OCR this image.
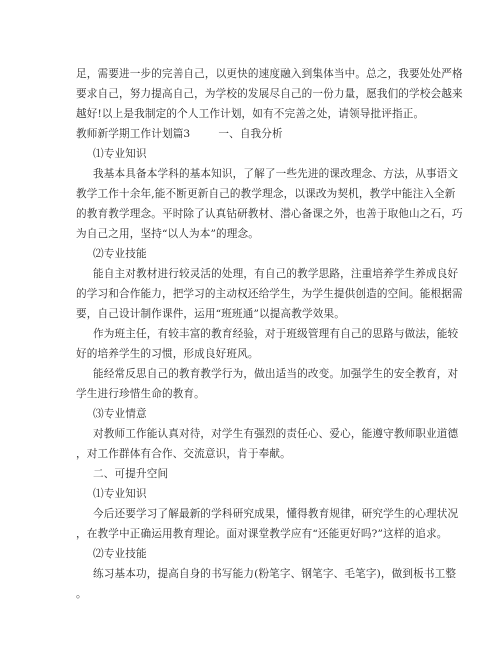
足，需要进一步的完善自己，以更快的速度融入到集体当中。总之，我要处处严格
要求自己，努力提高自己，为学校的发展尽自己的一份力量，愿我们的学校会越来
越好!以上是我制定的个人工作计划，如有不完善之处，请领导批评指正。
教师新学期工作计划篇3	一、自我分析
⑴专业知识
我基本具备本学科的基本知识，了解了一些先进的课改理念、方法，从事语文
教学工作十余年,能不断更新自己的教学理念，以课改为契机，教学中能注入全新
的教育教学理念。平时除了认真钻研教材、潜心备课之外，也善于取他山之石，巧
为自己之用，坚持“以人为本”的理念。
⑵专业技能
能自主对教材进行较灵活的处理，有自己的教学思路，注重培养学生养成良好
的学习和合作能力，把学习的主动权还给学生，为学生提供创造的空间。能根据需
要，自己设计制作课件，运用“班班通”以提高教学效果。
作为班主任，有较丰富的教育经验，对于班级管理有自己的思路与做法，能较
好的培养学生的习惯，形成良好班风。
能经常反思自己的教育教学行为，做出适当的改变。加强学生的安全教育，对
学生进行珍惜生命的教育。
⑶专业情意
对教师工作能认真对待，对学生有强烈的责任心、爱心，能遵守教师职业道德
，对工作群体有合作、交流意识，肯于奉献。
二、可提升空间
⑴专业知识
今后还要学习了解最新的学科研究成果，懂得教育规律，研究学生的心理状况
，在教学中正确运用教育理论。面对课堂教学应有“还能更好吗?”这样的追求。
⑵专业技能
练习基本功，提高自身的书写能力(粉笔字、钢笔字、毛笔字)，做到板书工整
。
